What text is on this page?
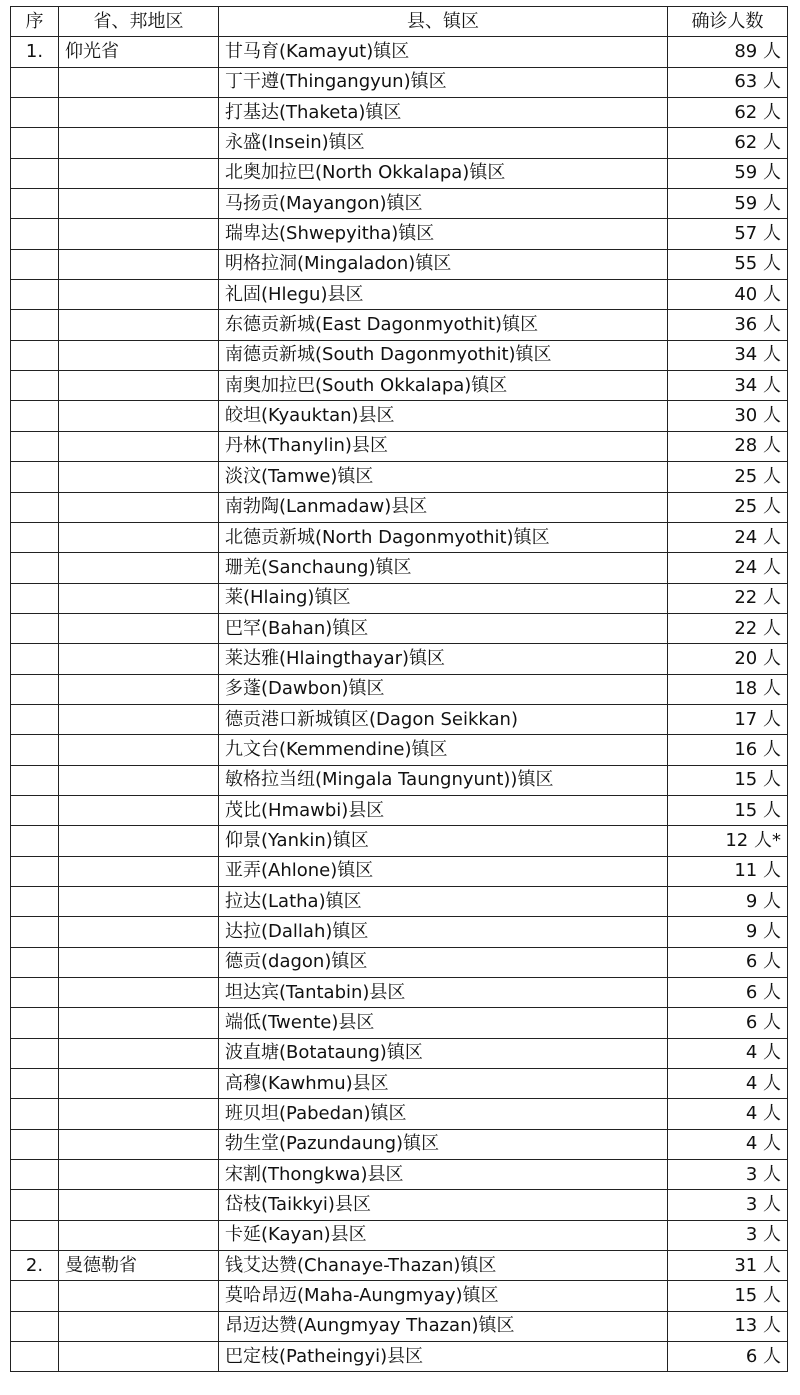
序	省、邦地区	县、镇区	确诊人数
1.	仰光省	甘马育(Kamayut)镇区	89 人
		丁干遵(Thingangyun)镇区	63 人
		打基达(Thaketa)镇区	62 人
		永盛(Insein)镇区	62 人
		北奥加拉巴(North Okkalapa)镇区	59 人
		马扬贡(Mayangon)镇区	59 人
		瑞卑达(Shwepyitha)镇区	57 人
		明格拉洞(Mingaladon)镇区	55 人
		礼固(Hlegu)县区	40 人
		东德贡新城(East Dagonmyothit)镇区	36 人
		南德贡新城(South Dagonmyothit)镇区	34 人
		南奥加拉巴(South Okkalapa)镇区	34 人
		皎坦(Kyauktan)县区	30 人
		丹林(Thanylin)县区	28 人
		淡汶(Tamwe)镇区	25 人
		南勃陶(Lanmadaw)县区	25 人
		北德贡新城(North Dagonmyothit)镇区	24 人
		珊羌(Sanchaung)镇区	24 人
		莱(Hlaing)镇区	22 人
		巴罕(Bahan)镇区	22 人
		莱达雅(Hlaingthayar)镇区	20 人
		多蓬(Dawbon)镇区	18 人
		德贡港口新城镇区(Dagon Seikkan)	17 人
		九文台(Kemmendine)镇区	16 人
		敏格拉当纽(Mingala Taungnyunt))镇区	15 人
		茂比(Hmawbi)县区	15 人
		仰景(Yankin)镇区	12 人*
		亚弄(Ahlone)镇区	11 人
		拉达(Latha)镇区	9 人
		达拉(Dallah)镇区	9 人
		德贡(dagon)镇区	6 人
		坦达宾(Tantabin)县区	6 人
		端低(Twente)县区	6 人
		波直塘(Botataung)镇区	4 人
		高穆(Kawhmu)县区	4 人
		班贝坦(Pabedan)镇区	4 人
		勃生堂(Pazundaung)镇区	4 人
		宋割(Thongkwa)县区	3 人
		岱枝(Taikkyi)县区	3 人
		卡延(Kayan)县区	3 人
2.	曼德勒省	钱艾达赞(Chanaye-Thazan)镇区	31 人
		莫哈昂迈(Maha-Aungmyay)镇区	15 人
		昂迈达赞(Aungmyay Thazan)镇区	13 人
		巴定枝(Patheingyi)县区	6 人
